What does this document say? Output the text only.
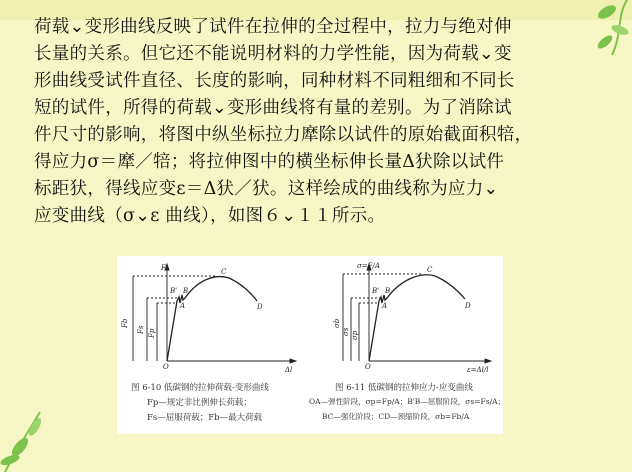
荷载⌄变形曲线反映了试件在拉伸的全过程中，拉力与绝对伸
长量的关系。但它还不能说明材料的力学性能，因为荷载⌄变
形曲线受试件直径、长度的影响，同种材料不同粗细和不同长
短的试件，所得的荷载⌄变形曲线将有量的差别。为了消除试
件尺寸的影响，将图中纵坐标拉力犘除以试件的原始截面积犃，
得应力σ＝犘／犃；将拉伸图中的横坐标伸长量Δ犾除以试件
标距犾，得线应变ε＝Δ犾／犾。这样绘成的曲线称为应力⌄
应变曲线（σ⌄ε 曲线），如图６⌄１１所示。
F
Δl
O
A
B' B
C
D
Fb
Fs Fp
σ=F/A
ε=Δl/l
O
A
B' B
C
D
σb
σs σp
图 6-10 低碳钢的拉伸荷载-变形曲线
Fp—规定非比例伸长荷载；
Fs—屈服荷载；Fb—最大荷载
图 6-11 低碳钢的拉伸应力-应变曲线
OA—弹性阶段，σp=Fp/A；B'B—屈服阶段，σs=Fs/A；
BC—强化阶段；CD—颈缩阶段，σb=Fb/A
